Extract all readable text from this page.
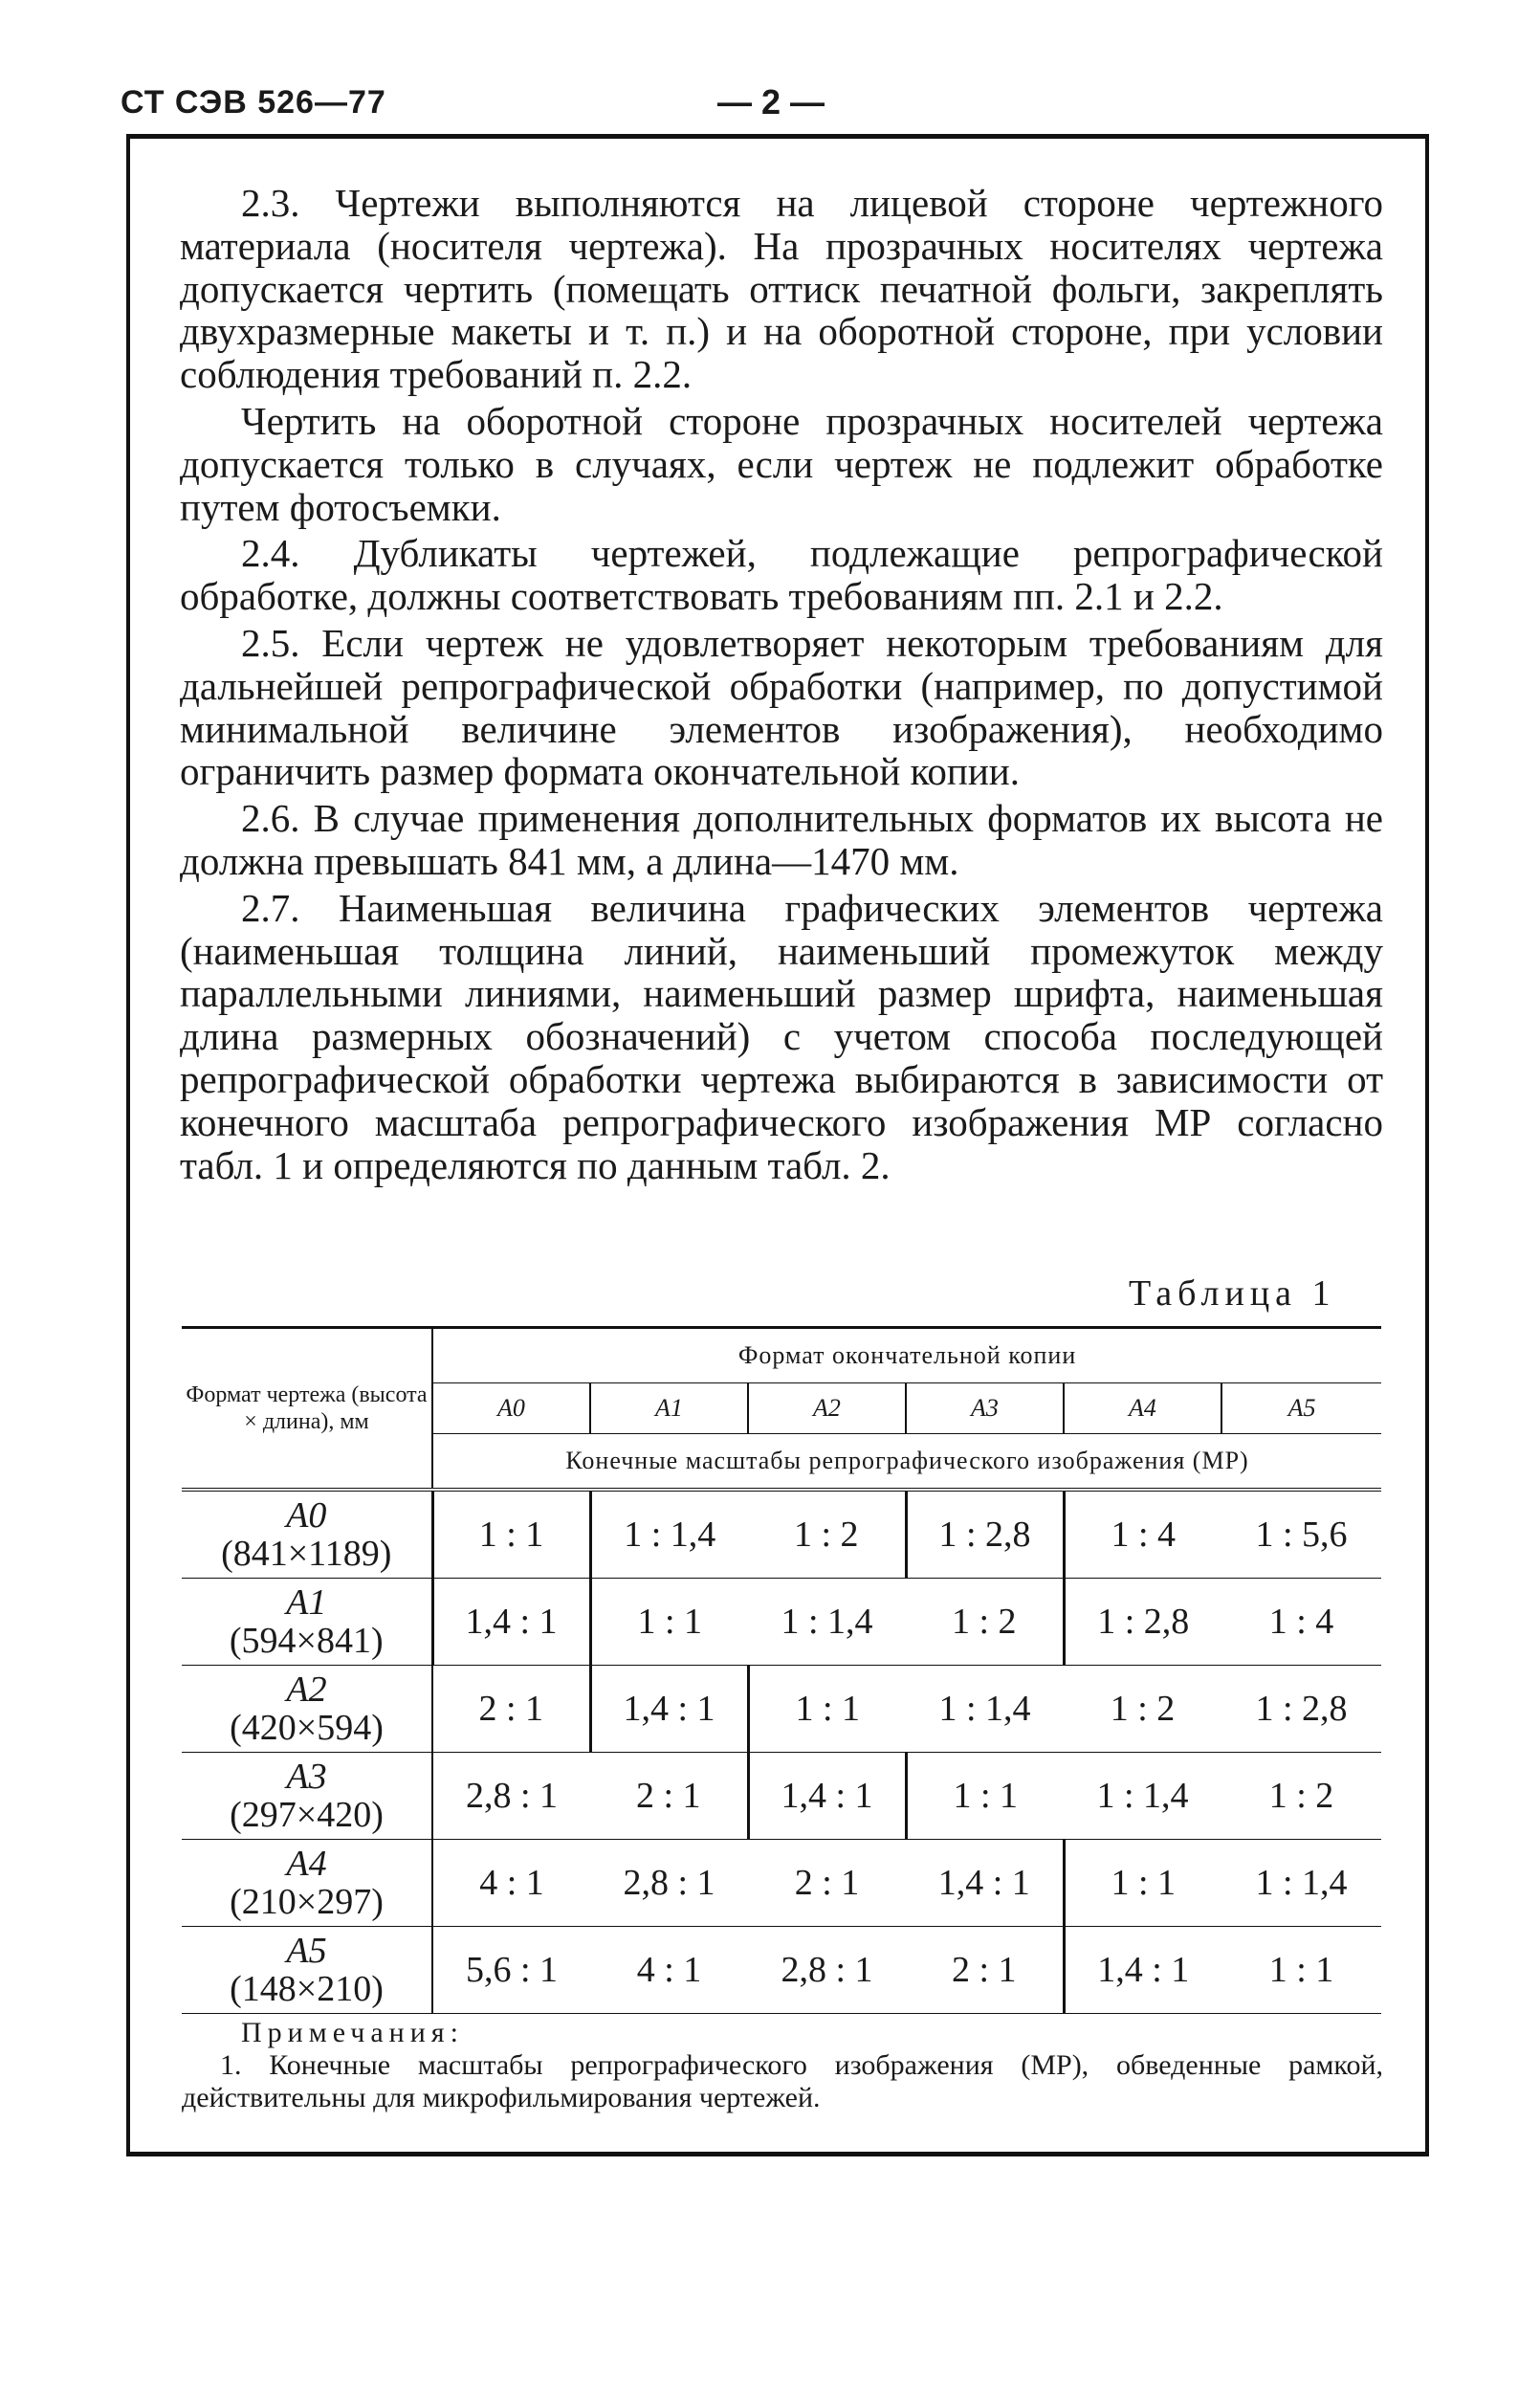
СТ СЭВ 526—77	— 2 —

2.3. Чертежи выполняются на лицевой стороне чертежного материала (носителя чертежа). На прозрачных носителях чертежа допускается чертить (помещать оттиск печатной фольги, закреплять двухразмерные макеты и т. п.) и на оборотной стороне, при условии соблюдения требований п. 2.2.

Чертить на оборотной стороне прозрачных носителей чертежа допускается только в случаях, если чертеж не подлежит обработке путем фотосъемки.

2.4. Дубликаты чертежей, подлежащие репрографической обработке, должны соответствовать требованиям пп. 2.1 и 2.2.

2.5. Если чертеж не удовлетворяет некоторым требованиям для дальнейшей репрографической обработки (например, по допустимой минимальной величине элементов изображения), необходимо ограничить размер формата окончательной копии.

2.6. В случае применения дополнительных форматов их высота не должна превышать 841 мм, а длина—1470 мм.

2.7. Наименьшая величина графических элементов чертежа (наименьшая толщина линий, наименьший промежуток между параллельными линиями, наименьший размер шрифта, наименьшая длина размерных обозначений) с учетом способа последующей репрографической обработки чертежа выбираются в зависимости от конечного масштаба репрографического изображения МР согласно табл. 1 и определяются по данным табл. 2.

Таблица 1
Формат чертежа (высота × длина), мм	Формат окончательной копии					
	A0	A1	A2	A3	A4	A5
	Конечные масштабы репрографического изображения (МР)					
A0
(841×1189)	1 : 1	1 : 1,4	1 : 2	1 : 2,8	1 : 4	1 : 5,6
A1
(594×841)	1,4 : 1	1 : 1	1 : 1,4	1 : 2	1 : 2,8	1 : 4
A2
(420×594)	2 : 1	1,4 : 1	1 : 1	1 : 1,4	1 : 2	1 : 2,8
A3
(297×420)	2,8 : 1	2 : 1	1,4 : 1	1 : 1	1 : 1,4	1 : 2
A4
(210×297)	4 : 1	2,8 : 1	2 : 1	1,4 : 1	1 : 1	1 : 1,4
A5
(148×210)	5,6 : 1	4 : 1	2,8 : 1	2 : 1	1,4 : 1	1 : 1
Примечания:

1. Конечные масштабы репрографического изображения (МР), обведенные рамкой, действительны для микрофильмирования чертежей.
